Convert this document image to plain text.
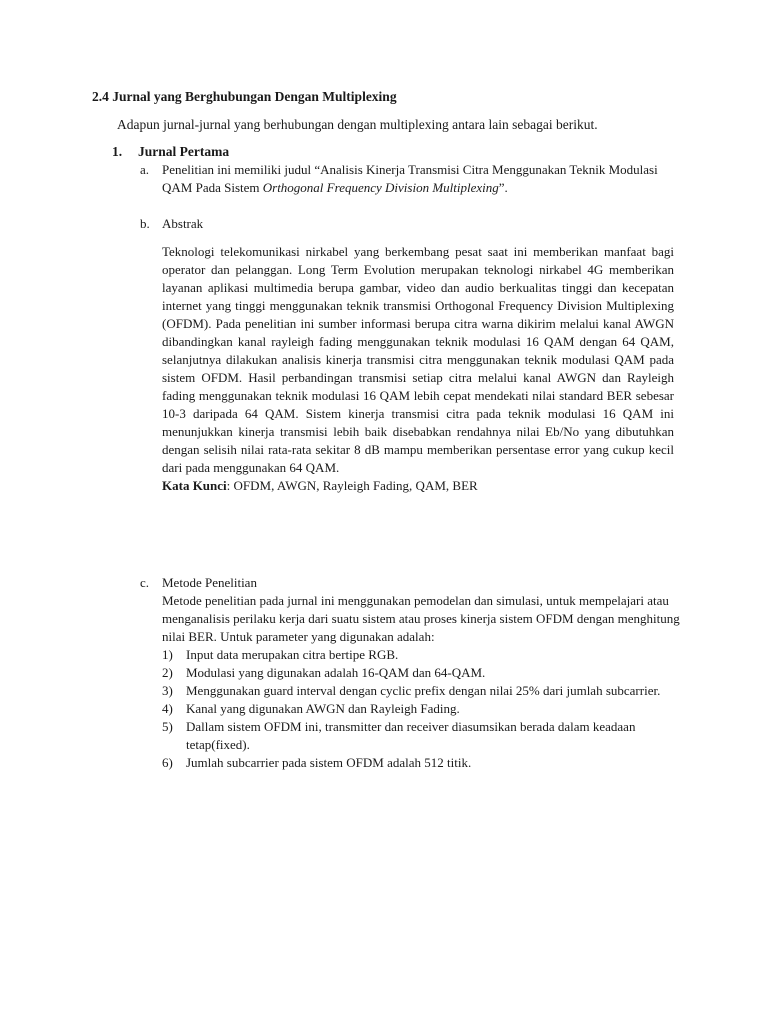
2.4 Jurnal yang Berghubungan Dengan Multiplexing
Adapun jurnal-jurnal yang berhubungan dengan multiplexing antara lain sebagai berikut.
1. Jurnal Pertama
a. Penelitian ini memiliki judul “Analisis Kinerja Transmisi Citra Menggunakan Teknik Modulasi QAM Pada Sistem Orthogonal Frequency Division Multiplexing”.
b. Abstrak
Teknologi telekomunikasi nirkabel yang berkembang pesat saat ini memberikan manfaat bagi operator dan pelanggan. Long Term Evolution merupakan teknologi nirkabel 4G memberikan layanan aplikasi multimedia berupa gambar, video dan audio berkualitas tinggi dan kecepatan internet yang tinggi menggunakan teknik transmisi Orthogonal Frequency Division Multiplexing (OFDM). Pada penelitian ini sumber informasi berupa citra warna dikirim melalui kanal AWGN dibandingkan kanal rayleigh fading menggunakan teknik modulasi 16 QAM dengan 64 QAM, selanjutnya dilakukan analisis kinerja transmisi citra menggunakan teknik modulasi QAM pada sistem OFDM. Hasil perbandingan transmisi setiap citra melalui kanal AWGN dan Rayleigh fading menggunakan teknik modulasi 16 QAM lebih cepat mendekati nilai standard BER sebesar 10-3 daripada 64 QAM. Sistem kinerja transmisi citra pada teknik modulasi 16 QAM ini menunjukkan kinerja transmisi lebih baik disebabkan rendahnya nilai Eb/No yang dibutuhkan dengan selisih nilai rata-rata sekitar 8 dB mampu memberikan persentase error yang cukup kecil dari pada menggunakan 64 QAM.
Kata Kunci: OFDM, AWGN, Rayleigh Fading, QAM, BER
c. Metode Penelitian
Metode penelitian pada jurnal ini menggunakan pemodelan dan simulasi, untuk mempelajari atau menganalisis perilaku kerja dari suatu sistem atau proses kinerja sistem OFDM dengan menghitung nilai BER. Untuk parameter yang digunakan adalah:
1) Input data merupakan citra bertipe RGB.
2) Modulasi yang digunakan adalah 16-QAM dan 64-QAM.
3) Menggunakan guard interval dengan cyclic prefix dengan nilai 25% dari jumlah subcarrier.
4) Kanal yang digunakan AWGN dan Rayleigh Fading.
5) Dallam sistem OFDM ini, transmitter dan receiver diasumsikan berada dalam keadaan tetap(fixed).
6) Jumlah subcarrier pada sistem OFDM adalah 512 titik.
